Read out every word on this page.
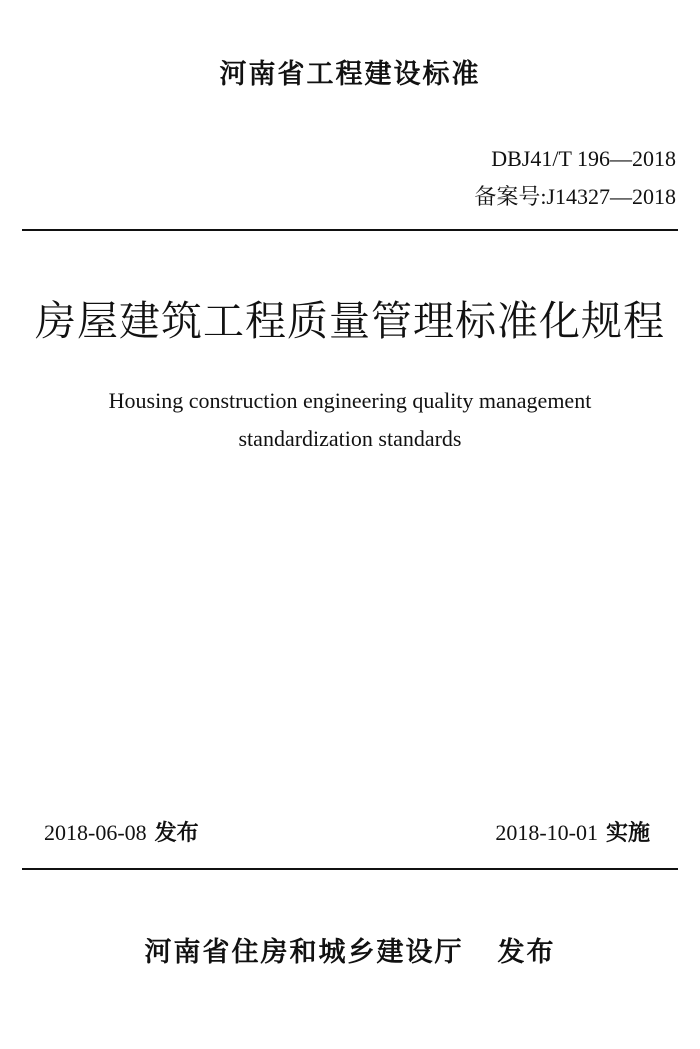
河南省工程建设标准
DBJ41/T 196—2018
备案号:J14327—2018
房屋建筑工程质量管理标准化规程
Housing construction engineering quality management
standardization standards
2018-06-08 发布	2018-10-01 实施
河南省住房和城乡建设厅 发布
